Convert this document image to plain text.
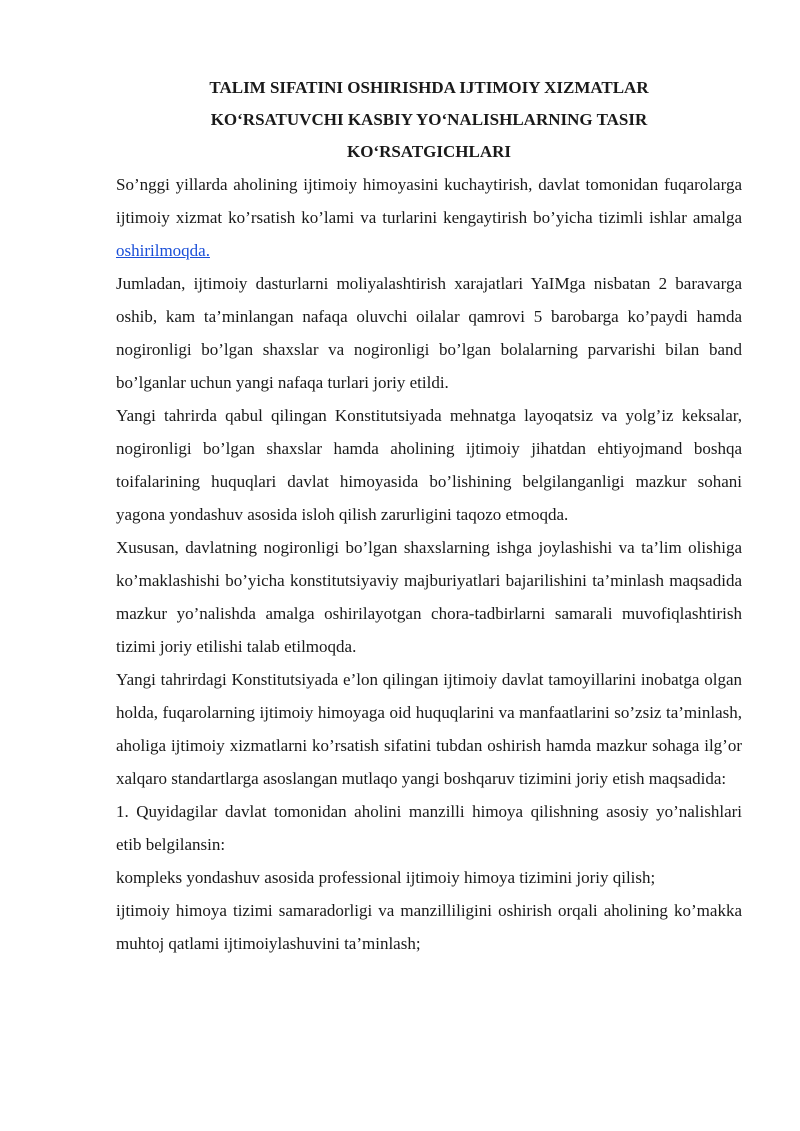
TALIM SIFATINI OSHIRISHDA IJTIMOIY XIZMATLAR
KO‘RSATUVCHI KASBIY YO‘NALISHLARNING TASIR
KO‘RSATGICHLARI

So’nggi yillarda aholining ijtimoiy himoyasini kuchaytirish, davlat tomonidan fuqarolarga ijtimoiy xizmat ko’rsatish ko’lami va turlarini kengaytirish bo’yicha tizimli ishlar amalga oshirilmoqda.

Jumladan, ijtimoiy dasturlarni moliyalashtirish xarajatlari YaIMga nisbatan 2 baravarga oshib, kam ta’minlangan nafaqa oluvchi oilalar qamrovi 5 barobarga ko’paydi hamda nogironligi bo’lgan shaxslar va nogironligi bo’lgan bolalarning parvarishi bilan band bo’lganlar uchun yangi nafaqa turlari joriy etildi.

Yangi tahrirda qabul qilingan Konstitutsiyada mehnatga layoqatsiz va yolg’iz keksalar, nogironligi bo’lgan shaxslar hamda aholining ijtimoiy jihatdan ehtiyojmand boshqa toifalarining huquqlari davlat himoyasida bo’lishining belgilanganligi mazkur sohani yagona yondashuv asosida isloh qilish zarurligini taqozo etmoqda.

Xususan, davlatning nogironligi bo’lgan shaxslarning ishga joylashishi va ta’lim olishiga ko’maklashishi bo’yicha konstitutsiyaviy majburiyatlari bajarilishini ta’minlash maqsadida mazkur yo’nalishda amalga oshirilayotgan chora-tadbirlarni samarali muvofiqlashtirish tizimi joriy etilishi talab etilmoqda.

Yangi tahrirdagi Konstitutsiyada e’lon qilingan ijtimoiy davlat tamoyillarini inobatga olgan holda, fuqarolarning ijtimoiy himoyaga oid huquqlarini va manfaatlarini so’zsiz ta’minlash, aholiga ijtimoiy xizmatlarni ko’rsatish sifatini tubdan oshirish hamda mazkur sohaga ilg’or xalqaro standartlarga asoslangan mutlaqo yangi boshqaruv tizimini joriy etish maqsadida:

1. Quyidagilar davlat tomonidan aholini manzilli himoya qilishning asosiy yo’nalishlari etib belgilansin:

kompleks yondashuv asosida professional ijtimoiy himoya tizimini joriy qilish;

ijtimoiy himoya tizimi samaradorligi va manzilliligini oshirish orqali aholining ko’makka muhtoj qatlami ijtimoiylashuvini ta’minlash;
